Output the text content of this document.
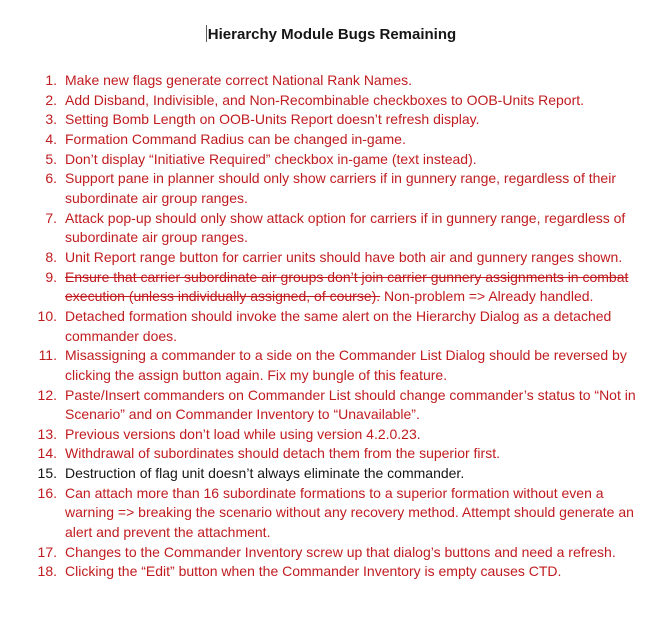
Hierarchy Module Bugs Remaining
1. Make new flags generate correct National Rank Names.
2. Add Disband, Indivisible, and Non-Recombinable checkboxes to OOB-Units Report.
3. Setting Bomb Length on OOB-Units Report doesn’t refresh display.
4. Formation Command Radius can be changed in-game.
5. Don’t display “Initiative Required” checkbox in-game (text instead).
6. Support pane in planner should only show carriers if in gunnery range, regardless of their subordinate air group ranges.
7. Attack pop-up should only show attack option for carriers if in gunnery range, regardless of subordinate air group ranges.
8. Unit Report range button for carrier units should have both air and gunnery ranges shown.
9. Ensure that carrier subordinate air groups don’t join carrier gunnery assignments in combat execution (unless individually assigned, of course). Non-problem => Already handled.
10. Detached formation should invoke the same alert on the Hierarchy Dialog as a detached commander does.
11. Misassigning a commander to a side on the Commander List Dialog should be reversed by clicking the assign button again. Fix my bungle of this feature.
12. Paste/Insert commanders on Commander List should change commander’s status to “Not in Scenario” and on Commander Inventory to “Unavailable”.
13. Previous versions don’t load while using version 4.2.0.23.
14. Withdrawal of subordinates should detach them from the superior first.
15. Destruction of flag unit doesn’t always eliminate the commander.
16. Can attach more than 16 subordinate formations to a superior formation without even a warning => breaking the scenario without any recovery method. Attempt should generate an alert and prevent the attachment.
17. Changes to the Commander Inventory screw up that dialog’s buttons and need a refresh.
18. Clicking the “Edit” button when the Commander Inventory is empty causes CTD.
